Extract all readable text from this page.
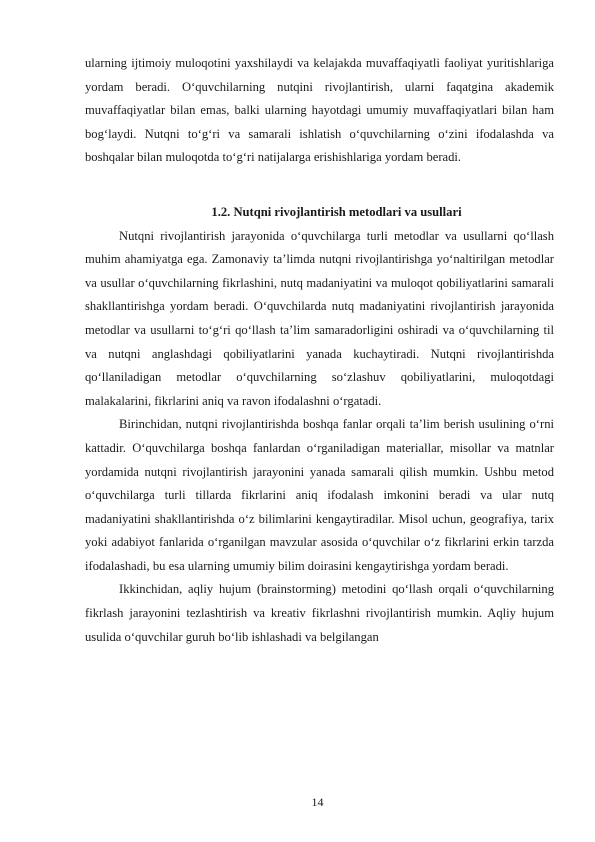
ularning ijtimoiy muloqotini yaxshilaydi va kelajakda muvaffaqiyatli faoliyat yuritishlariga yordam beradi. O‘quvchilarning nutqini rivojlantirish, ularni faqatgina akademik muvaffaqiyatlar bilan emas, balki ularning hayotdagi umumiy muvaffaqiyatlari bilan ham bog‘laydi. Nutqni to‘g‘ri va samarali ishlatish o‘quvchilarning o‘zini ifodalashda va boshqalar bilan muloqotda to‘g‘ri natijalarga erishishlariga yordam beradi.

1.2. Nutqni rivojlantirish metodlari va usullari

Nutqni rivojlantirish jarayonida o‘quvchilarga turli metodlar va usullarni qo‘llash muhim ahamiyatga ega. Zamonaviy ta’limda nutqni rivojlantirishga yo‘naltirilgan metodlar va usullar o‘quvchilarning fikrlashini, nutq madaniyatini va muloqot qobiliyatlarini samarali shakllantirishga yordam beradi. O‘quvchilarda nutq madaniyatini rivojlantirish jarayonida metodlar va usullarni to‘g‘ri qo‘llash ta’lim samaradorligini oshiradi va o‘quvchilarning til va nutqni anglashdagi qobiliyatlarini yanada kuchaytiradi. Nutqni rivojlantirishda qo‘llaniladigan metodlar o‘quvchilarning so‘zlashuv qobiliyatlarini, muloqotdagi malakalarini, fikrlarini aniq va ravon ifodalashni o‘rgatadi.

Birinchidan, nutqni rivojlantirishda boshqa fanlar orqali ta’lim berish usulining o‘rni kattadir. O‘quvchilarga boshqa fanlardan o‘rganiladigan materiallar, misollar va matnlar yordamida nutqni rivojlantirish jarayonini yanada samarali qilish mumkin. Ushbu metod o‘quvchilarga turli tillarda fikrlarini aniq ifodalash imkonini beradi va ular nutq madaniyatini shakllantirishda o‘z bilimlarini kengaytiradilar. Misol uchun, geografiya, tarix yoki adabiyot fanlarida o‘rganilgan mavzular asosida o‘quvchilar o‘z fikrlarini erkin tarzda ifodalashadi, bu esa ularning umumiy bilim doirasini kengaytirishga yordam beradi.

Ikkinchidan, aqliy hujum (brainstorming) metodini qo‘llash orqali o‘quvchilarning fikrlash jarayonini tezlashtirish va kreativ fikrlashni rivojlantirish mumkin. Aqliy hujum usulida o‘quvchilar guruh bo‘lib ishlashadi va belgilangan

14
